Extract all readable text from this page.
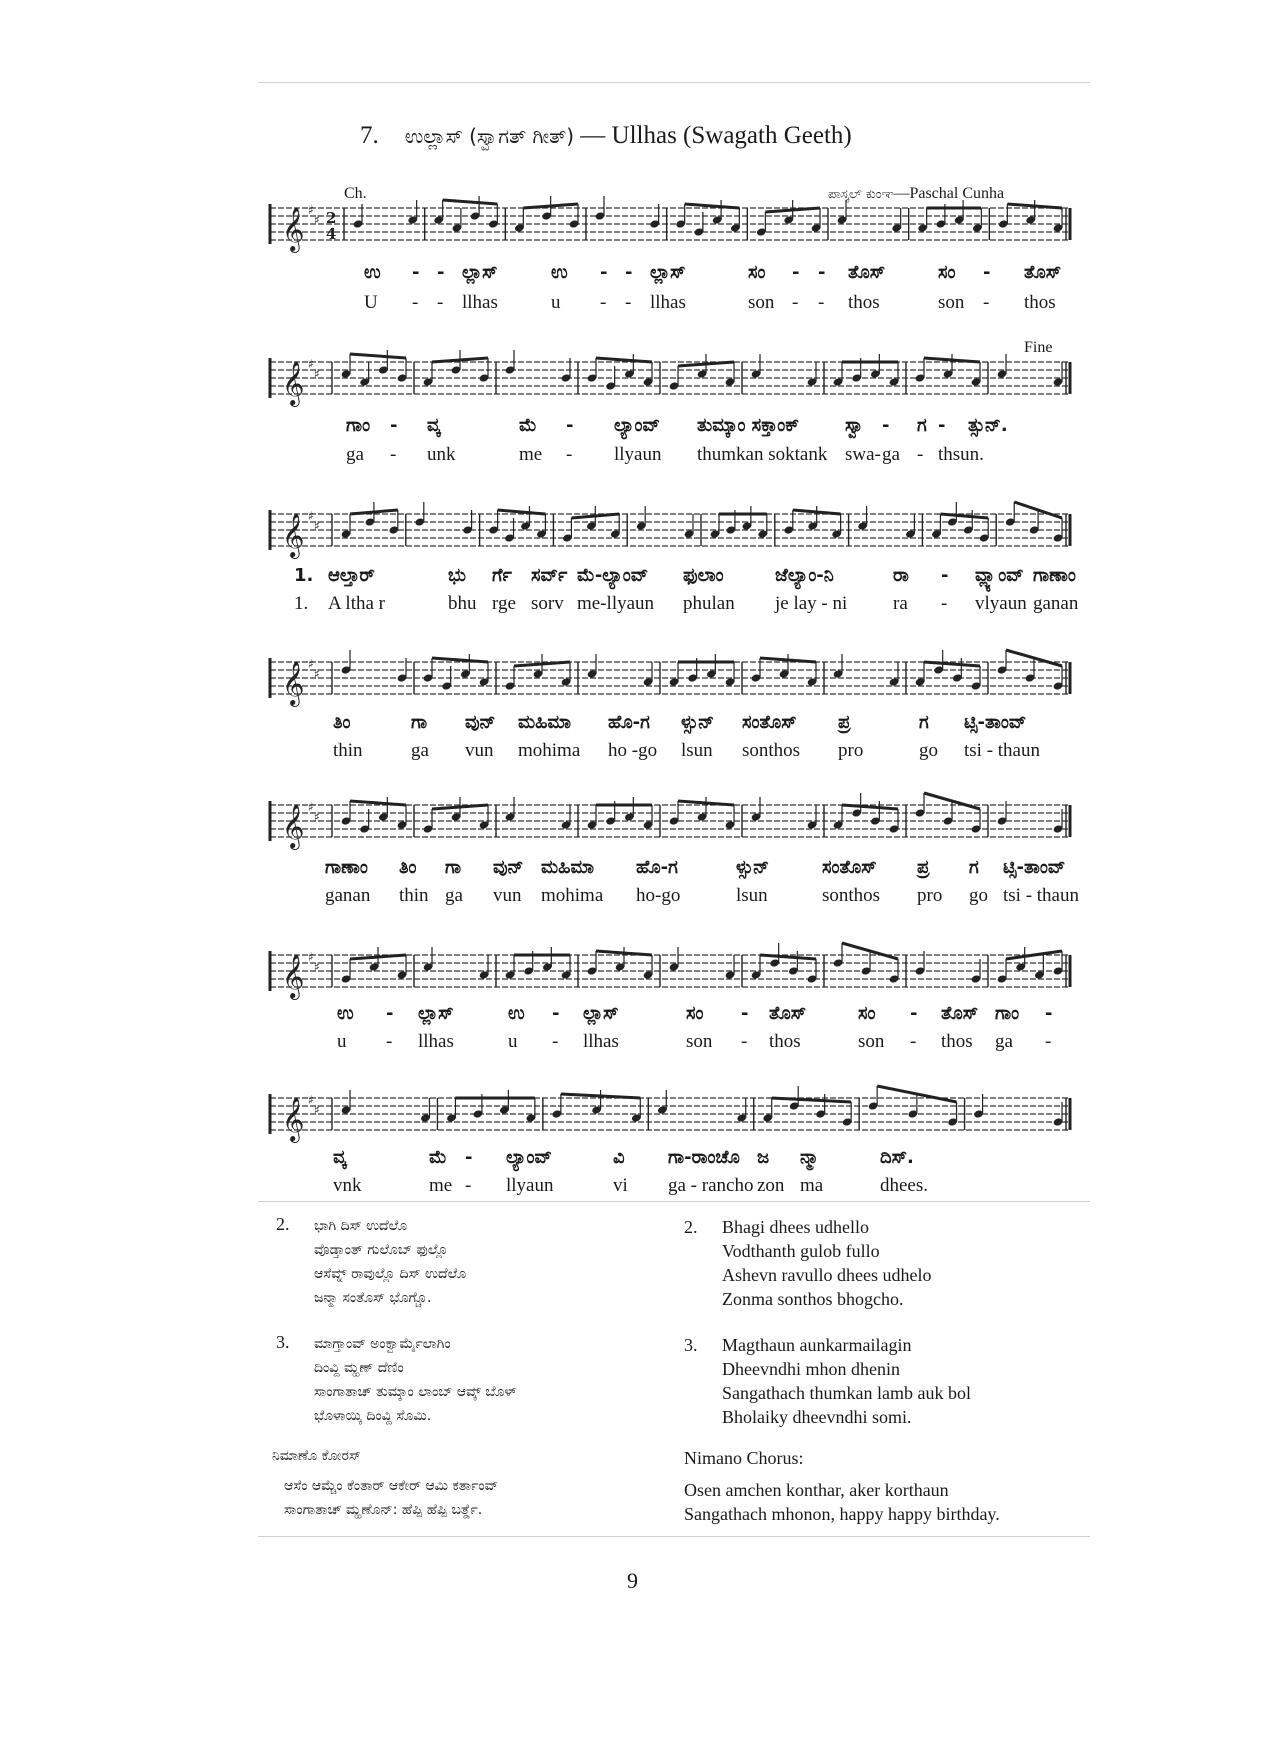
7. ಉಲ್ಲಾಸ್ (ಸ್ವಾಗತ್ ಗೀತ್) — Ullhas (Swagath Geeth)
Ch.	ಪಾಸ್ಕಲ್ ಕುಂಞ—Paschal Cunha
Fine
𝄞 ♯
♯ 2
4
𝄞 ♯
♯
𝄞 ♯
♯
𝄞 ♯
♯
𝄞 ♯
♯
𝄞 ♯
♯
𝄞 ♯
♯
ಉ - - ಲ್ಲಾಸ್	ಉ - - ಲ್ಲಾಸ್	ಸಂ - - ತೊಸ್	ಸಂ - ತೊಸ್
U - - llhas	u - - llhas	son - - thos	son - thos
ಗಾಂ - ವ್ಕ	ಮೆ - ಲ್ಯಾಂವ್ ತುಮ್ಕಾಂ ಸಕ್ತಾಂಕ್	ಸ್ವಾ - ಗ - ತ್ಸುನ್.
ga - unk	me - llyaun thumkan soktank swa- ga - thsun.
1. ಆಲ್ತಾರ್	ಭು ರ್ಗೆ ಸರ್ವ್ ಮೆ-ಲ್ಯಾಂವ್ ಫುಲಾಂ	ಜೆಲ್ಯಾಂ-ನಿ	ರಾ - ವ್ಲ್ಯಾಂವ್ ಗಾಣಾಂ
1. A ltha r	bhu rge sorv me-llyaun phulan je lay - ni ra - vlyaun ganan
ತಿಂ	ಗಾ ವುನ್ ಮಹಿಮಾ ಹೊ-ಗ ಳ್ಸುನ್ ಸಂತೊಸ್ ಪ್ರ	ಗ ಟ್ಸಿ-ತಾಂವ್
thin	ga vun mohima ho -go lsun sonthos pro	go tsi - thaun
ಗಾಣಾಂ ತಿಂ ಗಾ ವುನ್ ಮಹಿಮಾ ಹೊ-ಗ	ಳ್ಸುನ್	ಸಂತೊಸ್ ಪ್ರ ಗ ಟ್ಸಿ-ತಾಂವ್
ganan thin ga vun mohima ho-go	lsun	sonthos pro go tsi - thaun
ಉ - ಲ್ಲಾಸ್	ಉ - ಲ್ಲಾಸ್	ಸಂ - ತೊಸ್	ಸಂ - ತೊಸ್ ಗಾಂ -
u - llhas	u - llhas	son - thos	son - thos ga -
ವ್ಕ	ಮೆ - ಲ್ಯಾಂವ್	ವಿ ಗಾ-ರಾಂಚೊ ಜ ನ್ಮಾ	ದಿಸ್.
vnk	me - llyaun	vi ga - rancho zon ma	dhees.
2. ಭಾಗಿ ದಿಸ್ ಉದೆಲೊ
ವೊಡ್ತಾಂತ್ ಗುಲೊಬ್ ಫುಲ್ಲೊ
ಆಸೆವ್ನ್ ರಾವುಲ್ಲೊ ದಿಸ್ ಉದೆಲೊ
ಜನ್ಮಾ ಸಂತೊಸ್ ಭೊಗ್ಚೊ.
3. ಮಾಗ್ತಾಂವ್ ಅಂಕ್ವಾರ್ಮೈಲಾಗಿಂ
ದಿಂವ್ದಿ ಮ್ಹಣ್ ದೆಣಿಂ
ಸಾಂಗಾತಾಚ್ ತುಮ್ಕಾಂ ಲಾಂಬ್ ಆವ್ಕ್ ಬೊಳ್
ಭೊಳಾಯ್ಕಿ ದಿಂವ್ದಿ ಸೊಮಿ.
ನಿಮಾಣೊ ಕೋರಸ್
ಆಸೆಂ ಆಮ್ಚೆಂ ಕೆಂತಾರ್ ಆಕೇರ್ ಆಮಿ ಕರ್ತಾಂವ್
ಸಾಂಗಾತಾಚ್ ಮ್ಹಣೊನ್: ಹೆಪ್ಪಿ ಹೆಪ್ಪಿ ಬರ್ತ್ಡೆ.
2. Bhagi dhees udhello
Vodthanth gulob fullo
Ashevn ravullo dhees udhelo
Zonma sonthos bhogcho.
3. Magthaun aunkarmailagin
Dheevndhi mhon dhenin
Sangathach thumkan lamb auk bol
Bholaiky dheevndhi somi.
Nimano Chorus:
Osen amchen konthar, aker korthaun
Sangathach mhonon, happy happy birthday.
9
